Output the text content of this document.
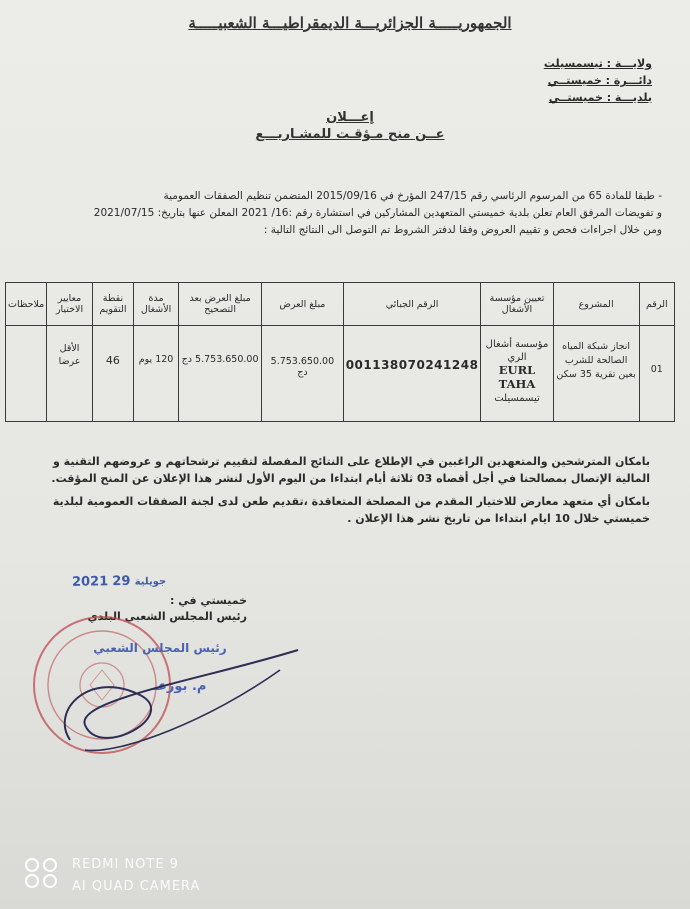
الجمهوريـــــة الجزائريـــة الديمقراطيـــة الشعبيـــــة
ولايـــة : تيسمسيلت
دائـــرة : خميستــي
بلديـــة : خميستــي
إعـــلان
عــن منح مـؤقـت للمشـاريـــع
- طبقا للمادة 65 من المرسوم الرئاسي رقم 247/15 المؤرخ في 2015/09/16 المتضمن تنظيم الصفقات العمومية
و تفويضات المرفق العام تعلن بلدية خميستي المتعهدين المشاركين في استشارة رقم :16/ 2021 المعلن عنها بتاريخ: 2021/07/15
ومن خلال اجراءات فحص و تقييم العروض وفقا لدفتر الشروط تم التوصل الى النتائج التالية :
الرقم	المشروع	تعيين مؤسسة الأشغال	الرقم الجبائي	مبلغ العرض	مبلغ العرض بعد التصحيح	مدة الأشغال	نقطة التقويم	معايير الاختيار	ملاحظات
01	انجاز شبكة المياه الصالحة للشرب بعين تقرية 35 سكن	مؤسسة أشغال الري
EURL TAHA
تيسمسيلت	001138070241248	5.753.650.00 دج	5.753.650.00 دج	120 يوم	46	الأقل عرضا	

بامكان المترشحين والمتعهدين الراغبين في الإطلاع على النتائج المفصلة لتقييم ترشحاتهم و عروضهم التقنية و المالية الإتصال بمصالحنا في أجل أقصاه 03 ثلاثة أيام ابتداءا من اليوم الأول لنشر هذا الإعلان عن المنح المؤقت.

بامكان أي متعهد معارض للاختيار المقدم من المصلحة المتعاقدة ،تقديم طعن لدى لجنة الصفقات العمومية لبلدية خميستي خلال 10 ايام ابتداءا من تاريخ نشر هذا الإعلان .

2021	جويلية 29
خميستي في :
رئيس المجلس الشعبي البلدي
رئيس المجلس الشعبي
م. بوزعـ
REDMI NOTE 9
AI QUAD CAMERA
